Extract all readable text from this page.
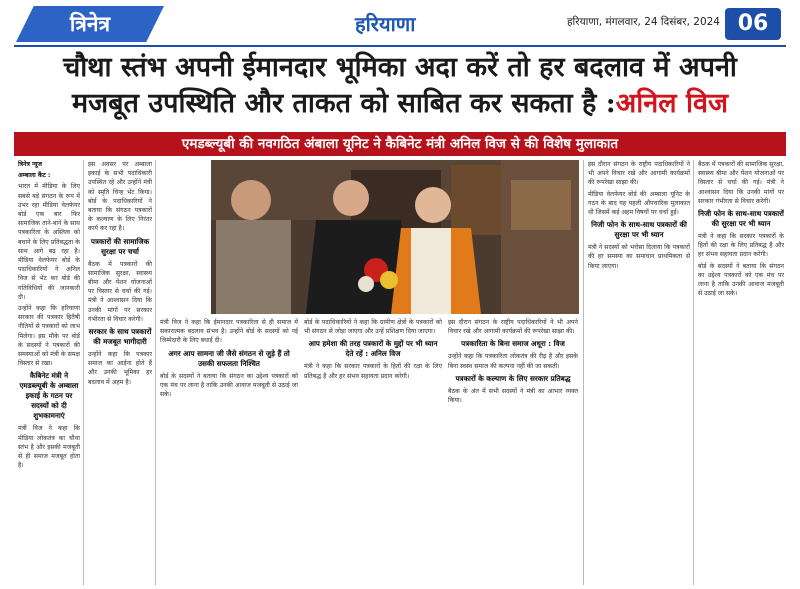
त्रिनेत्र	हरियाणा	हरियाणा, मंगलवार, 24 दिसंबर, 2024 06
चौथा स्तंभ अपनी ईमानदार भूमिका अदा करें तो हर बदलाव में अपनी
मजबूत उपस्थिति और ताकत को साबित कर सकता है :अनिल विज
एमडब्ल्यूबी की नवगठित अंबाला यूनिट ने कैबिनेट मंत्री अनिल विज से की विशेष मुलाकात

त्रिनेत्र न्यूज

अम्बाला कैंट :

भारत में मीडिया के लिए सबसे बड़े संगठन के रूप में उभर रहा मीडिया वेलफेयर बोर्ड एक बार फिर सामाजिक ताने-बाने के साथ पत्रकारिता के अस्तित्व को बचाने के लिए प्रतिबद्धता के साथ आगे बढ़ रहा है। मीडिया वेलफेयर बोर्ड के पदाधिकारियों ने अनिल विज से भेंट कर बोर्ड की गतिविधियों की जानकारी दी।

उन्होंने कहा कि हरियाणा सरकार की पत्रकार हितैषी नीतियों से पत्रकारों को लाभ मिलेगा। इस मौके पर बोर्ड के सदस्यों ने पत्रकारों की समस्याओं को मंत्री के समक्ष विस्तार से रखा।

कैबिनेट मंत्री ने एमडब्ल्यूबी के अम्बाला इकाई के गठन पर सदस्यों को दी शुभकामनाएं

मंत्री विज ने कहा कि मीडिया लोकतंत्र का चौथा स्तंभ है और इसकी मजबूती से ही समाज मजबूत होता है।

इस अवसर पर अम्बाला इकाई के सभी पदाधिकारी उपस्थित रहे और उन्होंने मंत्री को स्मृति चिन्ह भेंट किया। बोर्ड के पदाधिकारियों ने बताया कि संगठन पत्रकारों के कल्याण के लिए निरंतर कार्य कर रहा है।

पत्रकारों की सामाजिक सुरक्षा पर चर्चा

बैठक में पत्रकारों की सामाजिक सुरक्षा, स्वास्थ्य बीमा और पेंशन योजनाओं पर विस्तार से चर्चा की गई। मंत्री ने आश्वासन दिया कि उनकी मांगों पर सरकार गंभीरता से विचार करेगी।

सरकार के साथ पत्रकारों की मजबूत भागीदारी

उन्होंने कहा कि पत्रकार समाज का आईना होते हैं और उनकी भूमिका हर बदलाव में अहम है।

मंत्री विज ने कहा कि ईमानदार पत्रकारिता से ही समाज में सकारात्मक बदलाव संभव है। उन्होंने बोर्ड के सदस्यों को नई जिम्मेदारी के लिए बधाई दी।

अगर आप सामना जी जैसे संगठन से जुड़े हैं तो उसकी सफलता निश्चित

बोर्ड के सदस्यों ने बताया कि संगठन का उद्देश्य पत्रकारों को एक मंच पर लाना है ताकि उनकी आवाज मजबूती से उठाई जा सके।

बोर्ड के पदाधिकारियों ने कहा कि ग्रामीण क्षेत्रों के पत्रकारों को भी संगठन से जोड़ा जाएगा और उन्हें प्रशिक्षण दिया जाएगा।

आप हमेशा की तरह पत्रकारों के मुद्दों पर भी ध्यान देते रहें : अनिल विज

मंत्री ने कहा कि सरकार पत्रकारों के हितों की रक्षा के लिए प्रतिबद्ध है और हर संभव सहायता प्रदान करेगी।

इस दौरान संगठन के राष्ट्रीय पदाधिकारियों ने भी अपने विचार रखे और आगामी कार्यक्रमों की रूपरेखा साझा की।

पत्रकारिता के बिना समाज अधूरा : विज

उन्होंने कहा कि पत्रकारिता लोकतंत्र की रीढ़ है और इसके बिना स्वस्थ समाज की कल्पना नहीं की जा सकती।

पत्रकारों के कल्याण के लिए सरकार प्रतिबद्ध

बैठक के अंत में सभी सदस्यों ने मंत्री का आभार व्यक्त किया।

इस दौरान संगठन के राष्ट्रीय पदाधिकारियों ने भी अपने विचार रखे और आगामी कार्यक्रमों की रूपरेखा साझा की।

मीडिया वेलफेयर बोर्ड की अम्बाला यूनिट के गठन के बाद यह पहली औपचारिक मुलाकात थी जिसमें कई अहम विषयों पर चर्चा हुई।

निजी फोन के साथ-साथ पत्रकारों की सुरक्षा पर भी ध्यान

मंत्री ने सदस्यों को भरोसा दिलाया कि पत्रकारों की हर समस्या का समाधान प्राथमिकता से किया जाएगा।

बैठक में पत्रकारों की सामाजिक सुरक्षा, स्वास्थ्य बीमा और पेंशन योजनाओं पर विस्तार से चर्चा की गई। मंत्री ने आश्वासन दिया कि उनकी मांगों पर सरकार गंभीरता से विचार करेगी।

निजी फोन के साथ-साथ पत्रकारों की सुरक्षा पर भी ध्यान

मंत्री ने कहा कि सरकार पत्रकारों के हितों की रक्षा के लिए प्रतिबद्ध है और हर संभव सहायता प्रदान करेगी।

बोर्ड के सदस्यों ने बताया कि संगठन का उद्देश्य पत्रकारों को एक मंच पर लाना है ताकि उनकी आवाज मजबूती से उठाई जा सके।
